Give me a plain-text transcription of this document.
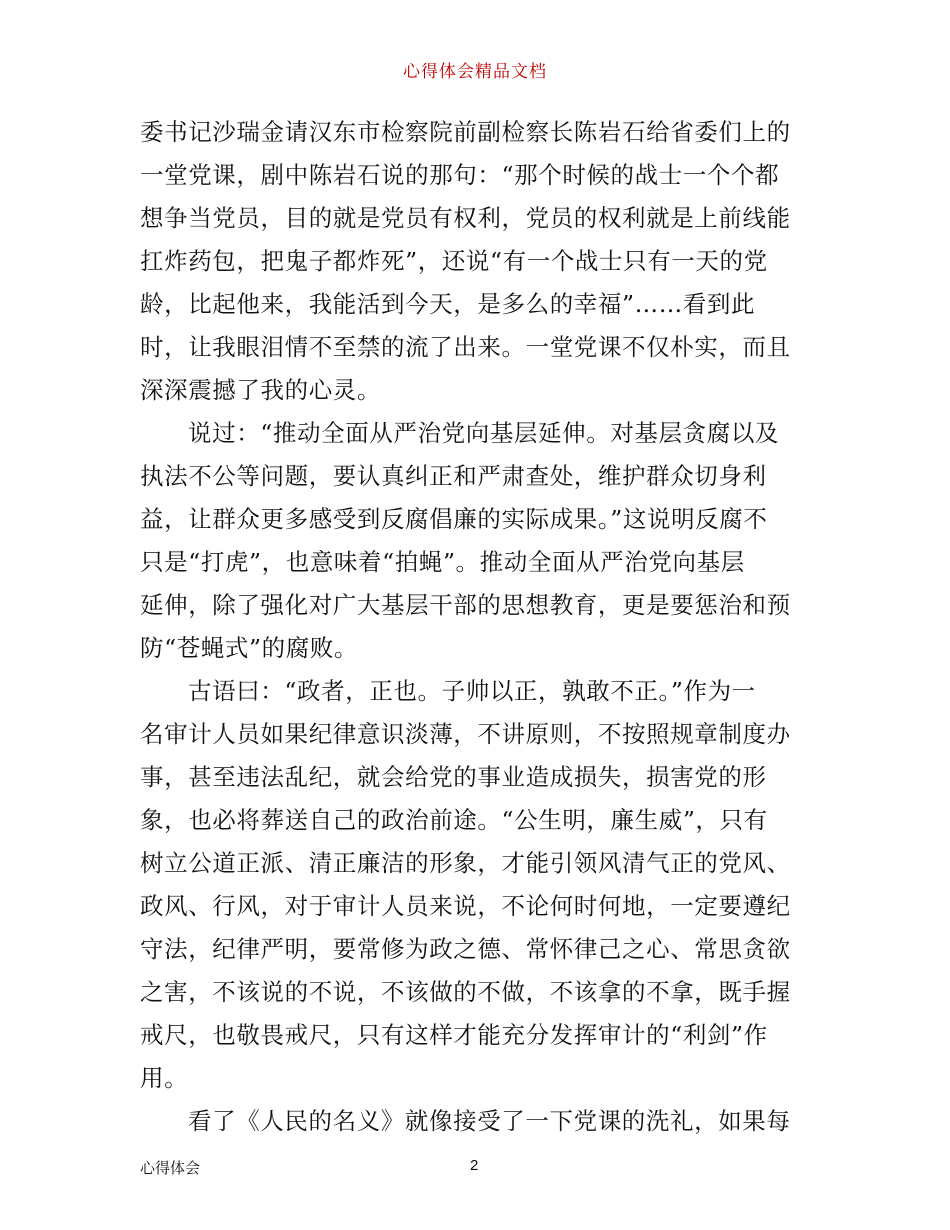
心得体会精品文档
委书记沙瑞金请汉东市检察院前副检察长陈岩石给省委们上的
一堂党课，剧中陈岩石说的那句：“那个时候的战士一个个都
想争当党员，目的就是党员有权利，党员的权利就是上前线能
扛炸药包，把鬼子都炸死”，还说“有一个战士只有一天的党
龄，比起他来，我能活到今天，是多么的幸福”……看到此
时，让我眼泪情不至禁的流了出来。一堂党课不仅朴实，而且
深深震撼了我的心灵。
说过：“推动全面从严治党向基层延伸。对基层贪腐以及
执法不公等问题，要认真纠正和严肃查处，维护群众切身利
益，让群众更多感受到反腐倡廉的实际成果。”这说明反腐不
只是“打虎”，也意味着“拍蝇”。推动全面从严治党向基层
延伸，除了强化对广大基层干部的思想教育，更是要惩治和预
防“苍蝇式”的腐败。
古语曰：“政者，正也。子帅以正，孰敢不正。”作为一
名审计人员如果纪律意识淡薄，不讲原则，不按照规章制度办
事，甚至违法乱纪，就会给党的事业造成损失，损害党的形
象，也必将葬送自己的政治前途。“公生明，廉生威”，只有
树立公道正派、清正廉洁的形象，才能引领风清气正的党风、
政风、行风，对于审计人员来说，不论何时何地，一定要遵纪
守法，纪律严明，要常修为政之德、常怀律己之心、常思贪欲
之害，不该说的不说，不该做的不做，不该拿的不拿，既手握
戒尺，也敬畏戒尺，只有这样才能充分发挥审计的“利剑”作
用。
看了《人民的名义》就像接受了一下党课的洗礼，如果每
心得体会	2
